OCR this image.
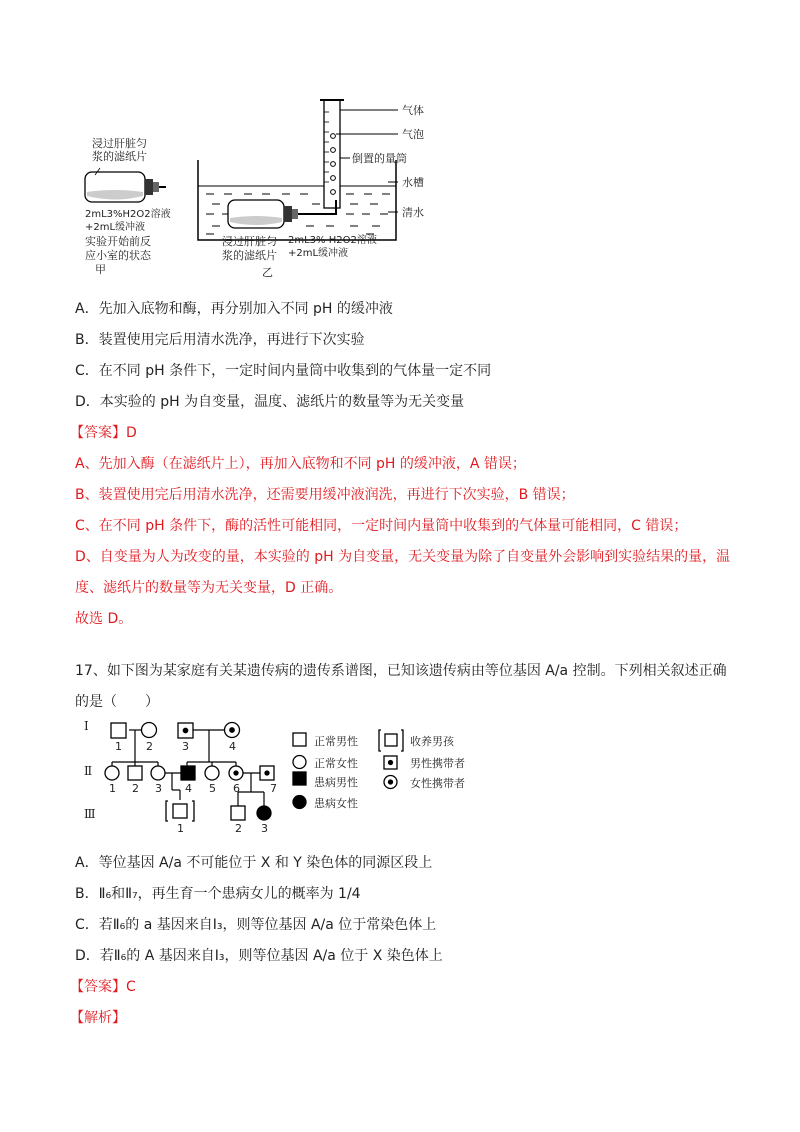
浸过肝脏匀
浆的滤纸片
2mL3%H2O2溶液
+2mL缓冲液
实验开始前反
应小室的状态
甲
气体
气泡
倒置的量筒
水槽
清水
浸过肝脏匀
浆的滤纸片
2mL3% H2O2溶液
+2mL缓冲液
乙
A．先加入底物和酶，再分别加入不同 pH 的缓冲液
B．装置使用完后用清水洗净，再进行下次实验
C．在不同 pH 条件下，一定时间内量筒中收集到的气体量一定不同
D．本实验的 pH 为自变量，温度、滤纸片的数量等为无关变量
【答案】D
A、先加入酶（在滤纸片上），再加入底物和不同 pH 的缓冲液，A 错误；
B、装置使用完后用清水洗净，还需要用缓冲液润洗，再进行下次实验，B 错误；
C、在不同 pH 条件下，酶的活性可能相同，一定时间内量筒中收集到的气体量可能相同，C 错误；
D、自变量为人为改变的量，本实验的 pH 为自变量，无关变量为除了自变量外会影响到实验结果的量，温
度、滤纸片的数量等为无关变量，D 正确。
故选 D。
17、如下图为某家庭有关某遗传病的遗传系谱图，已知该遗传病由等位基因 A/a 控制。下列相关叙述正确
的是（　　）
Ⅰ
Ⅱ
Ⅲ
1 2	3	4
1 2 3 4 5 6	7
1	2 3
正常男性
正常女性
患病男性
患病女性
收养男孩
男性携带者
女性携带者
A．等位基因 A/a 不可能位于 X 和 Y 染色体的同源区段上
B．Ⅱ₆和Ⅱ₇，再生育一个患病女儿的概率为 1/4
C．若Ⅱ₆的 a 基因来自Ⅰ₃，则等位基因 A/a 位于常染色体上
D．若Ⅱ₆的 A 基因来自Ⅰ₃，则等位基因 A/a 位于 X 染色体上
【答案】C
【解析】
